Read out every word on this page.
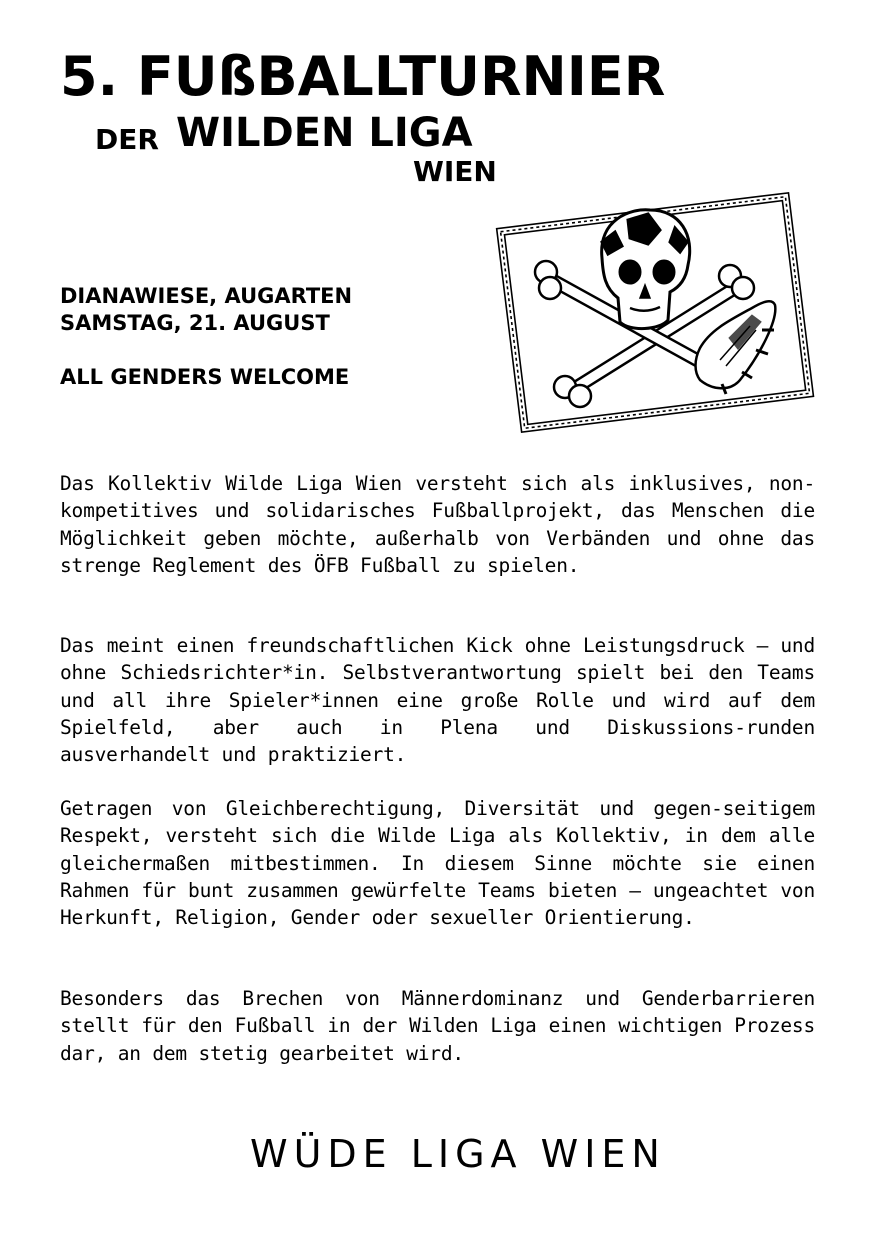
5. FUßBALLTURNIER
DER WILDEN LIGA
WIEN
DIANAWIESE, AUGARTEN
SAMSTAG, 21. AUGUST
ALL GENDERS WELCOME
Das Kollektiv Wilde Liga Wien versteht sich als inklusives, non-kompetitives und solidarisches Fußballprojekt, das Menschen die Möglichkeit geben möchte, außerhalb von Verbänden und ohne das strenge Reglement des ÖFB Fußball zu spielen.
Das meint einen freundschaftlichen Kick ohne Leistungsdruck – und ohne Schiedsrichter*in. Selbstverantwortung spielt bei den Teams und all ihre Spieler*innen eine große Rolle und wird auf dem Spielfeld, aber auch in Plena und Diskussions-runden ausverhandelt und praktiziert.
Getragen von Gleichberechtigung, Diversität und gegen-seitigem Respekt, versteht sich die Wilde Liga als Kollektiv, in dem alle gleichermaßen mitbestimmen. In diesem Sinne möchte sie einen Rahmen für bunt zusammen gewürfelte Teams bieten – ungeachtet von Herkunft, Religion, Gender oder sexueller Orientierung.
Besonders das Brechen von Männerdominanz und Genderbarrieren stellt für den Fußball in der Wilden Liga einen wichtigen Prozess dar, an dem stetig gearbeitet wird.
WÜDE LIGA WIEN
